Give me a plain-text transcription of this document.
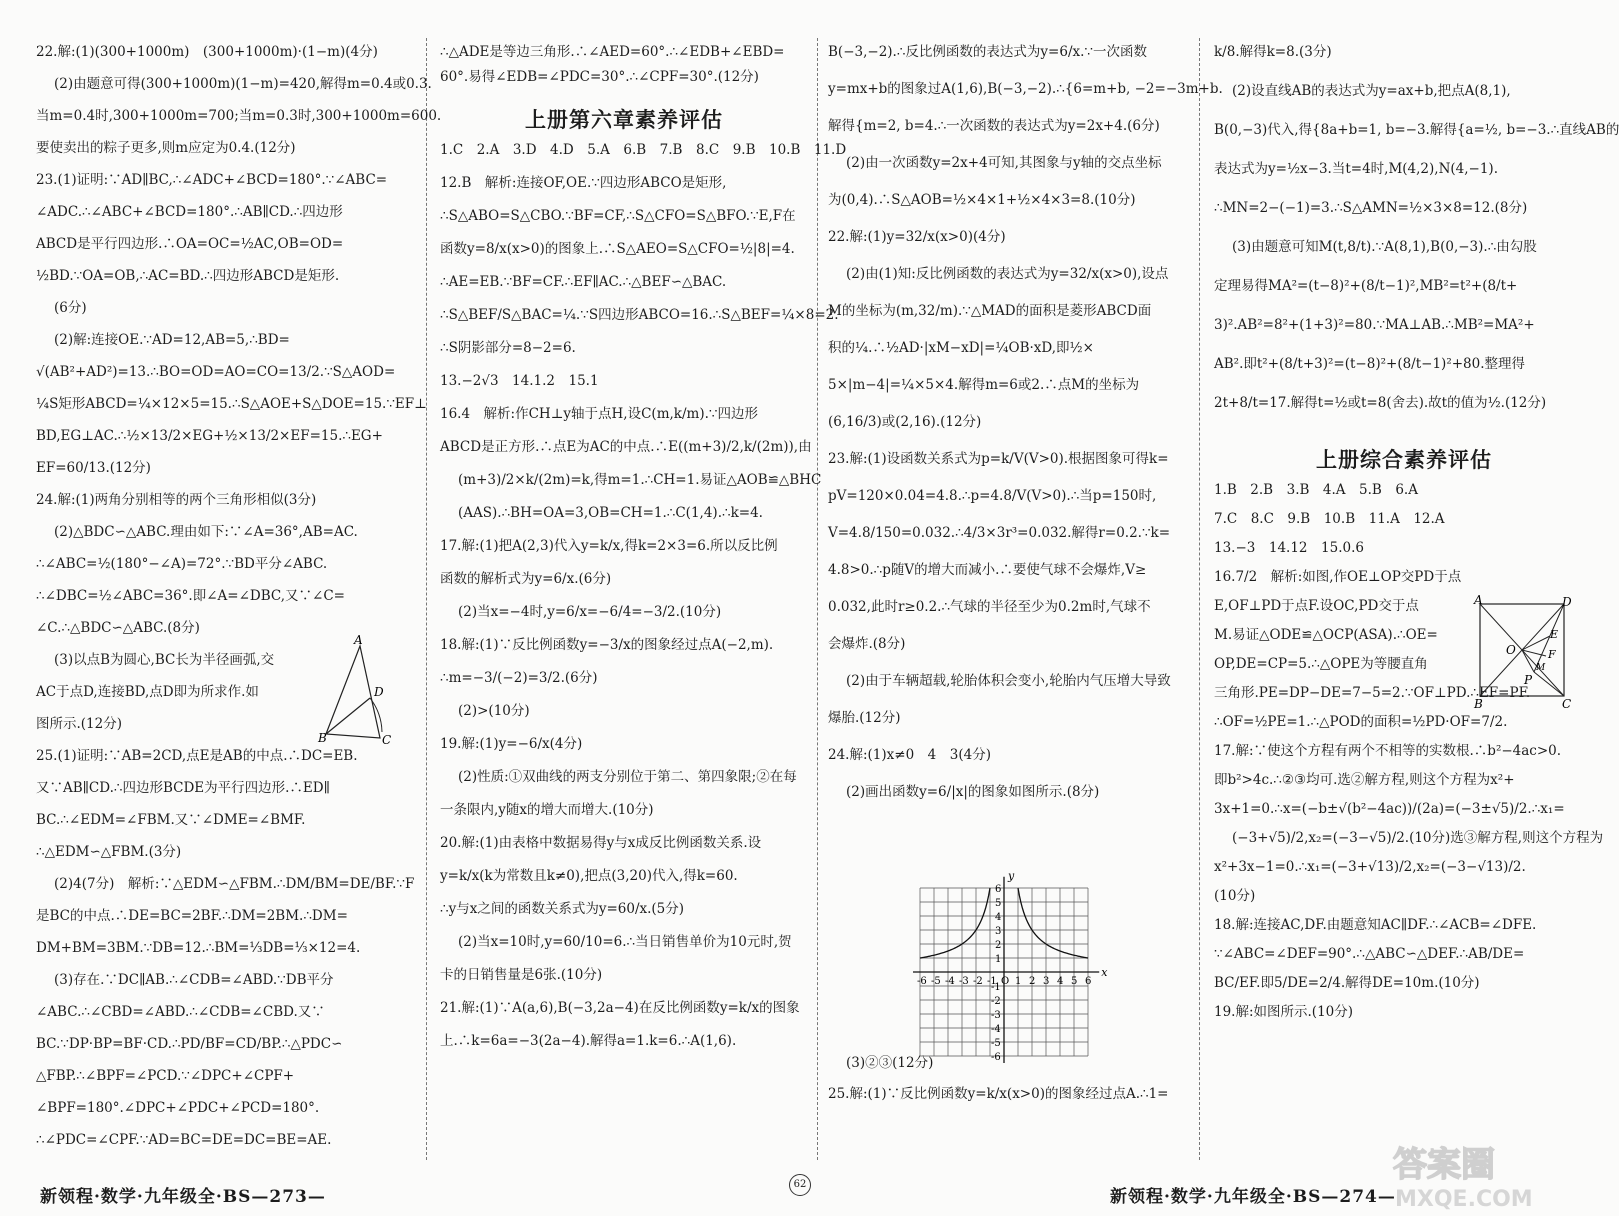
22.解:(1)(300+1000m)　(300+1000m)·(1−m)(4分)
(2)由题意可得(300+1000m)(1−m)=420,解得m=0.4或0.3.
当m=0.4时,300+1000m=700;当m=0.3时,300+1000m=600.
要使卖出的粽子更多,则m应定为0.4.(12分)
23.(1)证明:∵AD∥BC,∴∠ADC+∠BCD=180°.∵∠ABC=
∠ADC.∴∠ABC+∠BCD=180°.∴AB∥CD.∴四边形
ABCD是平行四边形.∴OA=OC=½AC,OB=OD=
½BD.∵OA=OB,∴AC=BD.∴四边形ABCD是矩形.
(6分)
(2)解:连接OE.∵AD=12,AB=5,∴BD=
√(AB²+AD²)=13.∴BO=OD=AO=CO=13/2.∵S△AOD=
¼S矩形ABCD=¼×12×5=15.∴S△AOE+S△DOE=15.∵EF⊥
BD,EG⊥AC.∴½×13/2×EG+½×13/2×EF=15.∴EG+
EF=60/13.(12分)
24.解:(1)两角分别相等的两个三角形相似(3分)
(2)△BDC∽△ABC.理由如下:∵∠A=36°,AB=AC.
∴∠ABC=½(180°−∠A)=72°.∵BD平分∠ABC.
∴∠DBC=½∠ABC=36°.即∠A=∠DBC,又∵∠C=
∠C.∴△BDC∽△ABC.(8分)
(3)以点B为圆心,BC长为半径画弧,交
AC于点D,连接BD,点D即为所求作.如
图所示.(12分)
25.(1)证明:∵AB=2CD,点E是AB的中点.∴DC=EB.
又∵AB∥CD.∴四边形BCDE为平行四边形.∴ED∥
BC.∴∠EDM=∠FBM.又∵∠DME=∠BMF.
∴△EDM∽△FBM.(3分)
(2)4(7分)　解析:∵△EDM∽△FBM.∴DM/BM=DE/BF.∵F
是BC的中点.∴DE=BC=2BF.∴DM=2BM.∴DM=
DM+BM=3BM.∵DB=12.∴BM=⅓DB=⅓×12=4.
(3)存在.∵DC∥AB.∴∠CDB=∠ABD.∵DB平分
∠ABC.∴∠CBD=∠ABD.∴∠CDB=∠CBD.又∵
BC.∵DP·BP=BF·CD.∴PD/BF=CD/BP.∴△PDC∽
△FBP.∴∠BPF=∠PCD.∵∠DPC+∠CPF+
∠BPF=180°.∠DPC+∠PDC+∠PCD=180°.
∴∠PDC=∠CPF.∵AD=BC=DE=DC=BE=AE.
∴△ADE是等边三角形.∴∠AED=60°.∴∠EDB+∠EBD=
60°.易得∠EDB=∠PDC=30°.∴∠CPF=30°.(12分)
上册第六章素养评估
1.C　2.A　3.D　4.D　5.A　6.B　7.B　8.C　9.B　10.B　11.D
12.B　解析:连接OF,OE.∵四边形ABCO是矩形,
∴S△ABO=S△CBO.∵BF=CF,∴S△CFO=S△BFO.∵E,F在
函数y=8/x(x>0)的图象上.∴S△AEO=S△CFO=½|8|=4.
∴AE=EB.∵BF=CF.∴EF∥AC.∴△BEF∽△BAC.
∴S△BEF/S△BAC=¼.∵S四边形ABCO=16.∴S△BEF=¼×8=2.
∴S阴影部分=8−2=6.
13.−2√3　14.1.2　15.1
16.4　解析:作CH⊥y轴于点H,设C(m,k/m).∵四边形
ABCD是正方形.∴点E为AC的中点.∴E((m+3)/2,k/(2m)),由
(m+3)/2×k/(2m)=k,得m=1.∴CH=1.易证△AOB≌△BHC
(AAS).∴BH=OA=3,OB=CH=1.∴C(1,4).∴k=4.
17.解:(1)把A(2,3)代入y=k/x,得k=2×3=6.所以反比例
函数的解析式为y=6/x.(6分)
(2)当x=−4时,y=6/x=−6/4=−3/2.(10分)
18.解:(1)∵反比例函数y=−3/x的图象经过点A(−2,m).
∴m=−3/(−2)=3/2.(6分)
(2)>(10分)
19.解:(1)y=−6/x(4分)
(2)性质:①双曲线的两支分别位于第二、第四象限;②在每
一条限内,y随x的增大而增大.(10分)
20.解:(1)由表格中数据易得y与x成反比例函数关系.设
y=k/x(k为常数且k≠0),把点(3,20)代入,得k=60.
∴y与x之间的函数关系式为y=60/x.(5分)
(2)当x=10时,y=60/10=6.∴当日销售单价为10元时,贺
卡的日销售量是6张.(10分)
21.解:(1)∵A(a,6),B(−3,2a−4)在反比例函数y=k/x的图象
上.∴k=6a=−3(2a−4).解得a=1.k=6.∴A(1,6).
B(−3,−2).∴反比例函数的表达式为y=6/x.∵一次函数
y=mx+b的图象过A(1,6),B(−3,−2).∴{6=m+b, −2=−3m+b.
解得{m=2, b=4.∴一次函数的表达式为y=2x+4.(6分)
(2)由一次函数y=2x+4可知,其图象与y轴的交点坐标
为(0,4).∴S△AOB=½×4×1+½×4×3=8.(10分)
22.解:(1)y=32/x(x>0)(4分)
(2)由(1)知:反比例函数的表达式为y=32/x(x>0),设点
M的坐标为(m,32/m).∵△MAD的面积是菱形ABCD面
积的¼.∴½AD·|xM−xD|=¼OB·xD,即½×
5×|m−4|=¼×5×4.解得m=6或2.∴点M的坐标为
(6,16/3)或(2,16).(12分)
23.解:(1)设函数关系式为p=k/V(V>0).根据图象可得k=
pV=120×0.04=4.8.∴p=4.8/V(V>0).∴当p=150时,
V=4.8/150=0.032.∴4/3×3r³=0.032.解得r=0.2.∵k=
4.8>0.∴p随V的增大而减小.∴要使气球不会爆炸,V≥
0.032,此时r≥0.2.∴气球的半径至少为0.2m时,气球不
会爆炸.(8分)
(2)由于车辆超载,轮胎体积会变小,轮胎内气压增大导致
爆胎.(12分)
24.解:(1)x≠0　4　3(4分)
(2)画出函数y=6/|x|的图象如图所示.(8分)
(3)②③(12分)
25.解:(1)∵反比例函数y=k/x(x>0)的图象经过点A.∴1=
k/8.解得k=8.(3分)
(2)设直线AB的表达式为y=ax+b,把点A(8,1),
B(0,−3)代入,得{8a+b=1, b=−3.解得{a=½, b=−3.∴直线AB的
表达式为y=½x−3.当t=4时,M(4,2),N(4,−1).
∴MN=2−(−1)=3.∴S△AMN=½×3×8=12.(8分)
(3)由题意可知M(t,8/t).∵A(8,1),B(0,−3).∴由勾股
定理易得MA²=(t−8)²+(8/t−1)²,MB²=t²+(8/t+
3)².AB²=8²+(1+3)²=80.∵MA⊥AB.∴MB²=MA²+
AB².即t²+(8/t+3)²=(t−8)²+(8/t−1)²+80.整理得
2t+8/t=17.解得t=½或t=8(舍去).故t的值为½.(12分)
上册综合素养评估
1.B　2.B　3.B　4.A　5.B　6.A
7.C　8.C　9.B　10.B　11.A　12.A
13.−3　14.12　15.0.6
16.7/2　解析:如图,作OE⊥OP交PD于点
E,OF⊥PD于点F.设OC,PD交于点
M.易证△ODE≌△OCP(ASA).∴OE=
OP,DE=CP=5.∴△OPE为等腰直角
三角形.PE=DP−DE=7−5=2.∵OF⊥PD.∴EF=PF.
∴OF=½PE=1.∴△POD的面积=½PD·OF=7/2.
17.解:∵使这个方程有两个不相等的实数根.∴b²−4ac>0.
即b²>4c.∴②③均可.选②解方程,则这个方程为x²+
3x+1=0.∴x=(−b±√(b²−4ac))/(2a)=(−3±√5)/2.∴x₁=
(−3+√5)/2,x₂=(−3−√5)/2.(10分)选③解方程,则这个方程为
x²+3x−1=0.∴x₁=(−3+√13)/2,x₂=(−3−√13)/2.
(10分)
18.解:连接AC,DF.由题意知AC∥DF.∴∠ACB=∠DFE.
∵∠ABC=∠DEF=90°.∴△ABC∽△DEF.∴AB/DE=
BC/EF.即5/DE=2/4.解得DE=10m.(10分)
19.解:如图所示.(10分)
A
B	C
D
A
B	C
D
O
E
F
P
M
-6 -5 -4 -3 -2 -1 O 1 2 3 4 5 6
6
5
4
3
2
1
-1
-2
-3
-4
-5
-6
x
y
新领程·数学·九年级全·BS—273—
62
新领程·数学·九年级全·BS—274—
答案圈
MXQE.COM
